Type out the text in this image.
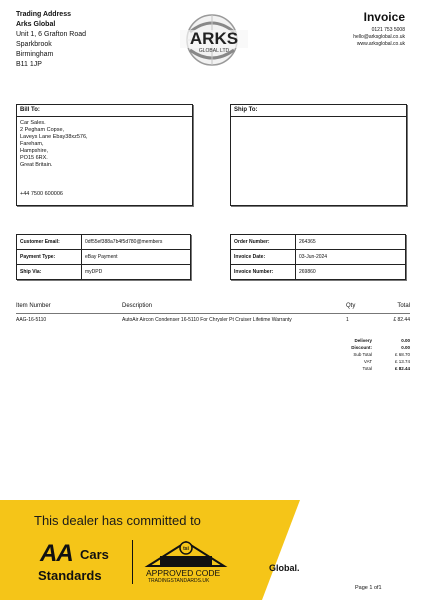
Trading Address
Arks Global
Unit 1, 6 Grafton Road
Sparkbrook
Birmingham
B11 1JP
ARKS
GLOBAL LTD
Invoice
0121 753 5008
hello@arksglobal.co.uk
www.arksglobal.co.uk
Bill To:
Car Sales.
2 Pegham Copse,
Laveys Lane Ebay38xz576,
Fareham,
Hampshire,
PO15 6RX.
Great Britain.
+44 7500 600006
Ship To:
Customer Email:	0df55ef388a7b4f5d780@members
Payment Type:	eBay Payment
Ship Via:	myDPD
Order Number:	264365
Invoice Date:	03-Jun-2024
Invoice Number:	269860
Item Number	Description	Qty	Total
AAG-16-5110	AutoAir Aircon Condenser 16-5110 For Chrysler Pt Cruiser Lifetime Warranty	1	£ 82.44
Delivery	0.00
Discount:	0.00
Sub Total	£ 68.70
VAT	£ 13.74
Total	£ 82.44
This dealer has committed to
AA Cars
Standards
tsi
APPROVED CODE
TRADINGSTANDARDS.UK
Global.
Page 1 of1
